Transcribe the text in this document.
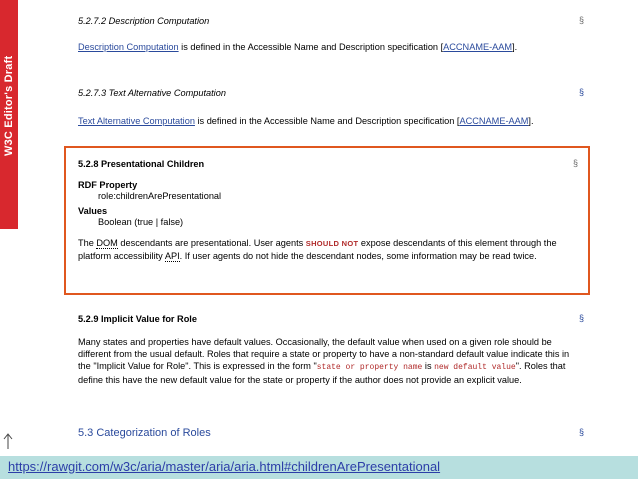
W3C Editor's Draft
5.2.7.2 Description Computation	§

Description Computation is defined in the Accessible Name and Description specification [ACCNAME-AAM].

5.2.7.3 Text Alternative Computation	§

Text Alternative Computation is defined in the Accessible Name and Description specification [ACCNAME-AAM].

5.2.8 Presentational Children	§
RDF Property
role:childrenArePresentational
Values
Boolean (true | false)

The DOM descendants are presentational. User agents SHOULD NOT expose descendants of this element through the platform accessibility API. If user agents do not hide the descendant nodes, some information may be read twice.

5.2.9 Implicit Value for Role	§

Many states and properties have default values. Occasionally, the default value when used on a given role should be different from the usual default. Roles that require a state or property to have a non-standard default value indicate this in the "Implicit Value for Role". This is expressed in the form "state or property name is new default value". Roles that define this have the new default value for the state or property if the author does not provide an explicit value.

5.3 Categorization of Roles	§
https://rawgit.com/w3c/aria/master/aria/aria.html#childrenArePresentational
